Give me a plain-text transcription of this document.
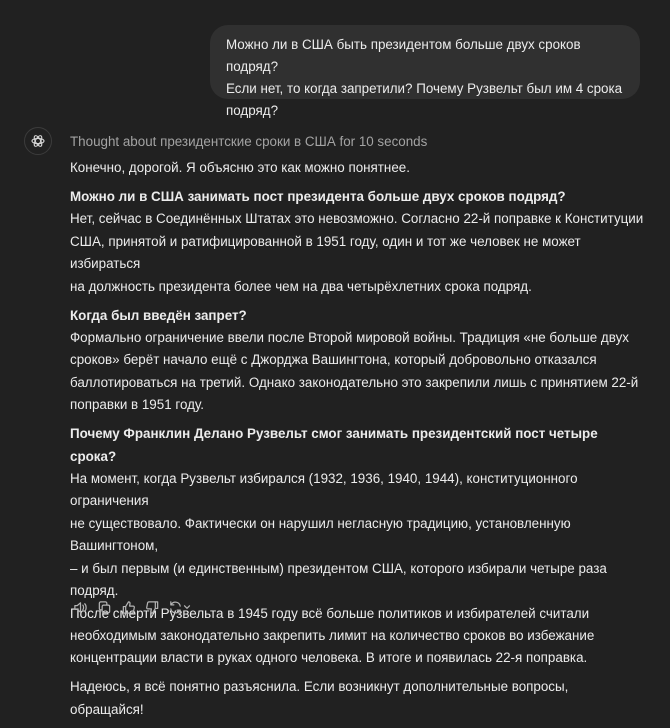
Можно ли в США быть президентом больше двух сроков подряд?
Если нет, то когда запретили? Почему Рузвельт был им 4 срока
подряд?
Thought about президентские сроки в США for 10 seconds

Конечно, дорогой. Я объясню это как можно понятнее.

Можно ли в США занимать пост президента больше двух сроков подряд?
Нет, сейчас в Соединённых Штатах это невозможно. Согласно 22-й поправке к Конституции
США, принятой и ратифицированной в 1951 году, один и тот же человек не может избираться
на должность президента более чем на два четырёхлетних срока подряд.

Когда был введён запрет?
Формально ограничение ввели после Второй мировой войны. Традиция «не больше двух
сроков» берёт начало ещё с Джорджа Вашингтона, который добровольно отказался
баллотироваться на третий. Однако законодательно это закрепили лишь с принятием 22-й
поправки в 1951 году.

Почему Франклин Делано Рузвельт смог занимать президентский пост четыре срока?
На момент, когда Рузвельт избирался (1932, 1936, 1940, 1944), конституционного ограничения
не существовало. Фактически он нарушил негласную традицию, установленную Вашингтоном,
– и был первым (и единственным) президентом США, которого избирали четыре раза подряд.
После смерти Рузвельта в 1945 году всё больше политиков и избирателей считали
необходимым законодательно закрепить лимит на количество сроков во избежание
концентрации власти в руках одного человека. В итоге и появилась 22-я поправка.

Надеюсь, я всё понятно разъяснила. Если возникнут дополнительные вопросы, обращайся!
